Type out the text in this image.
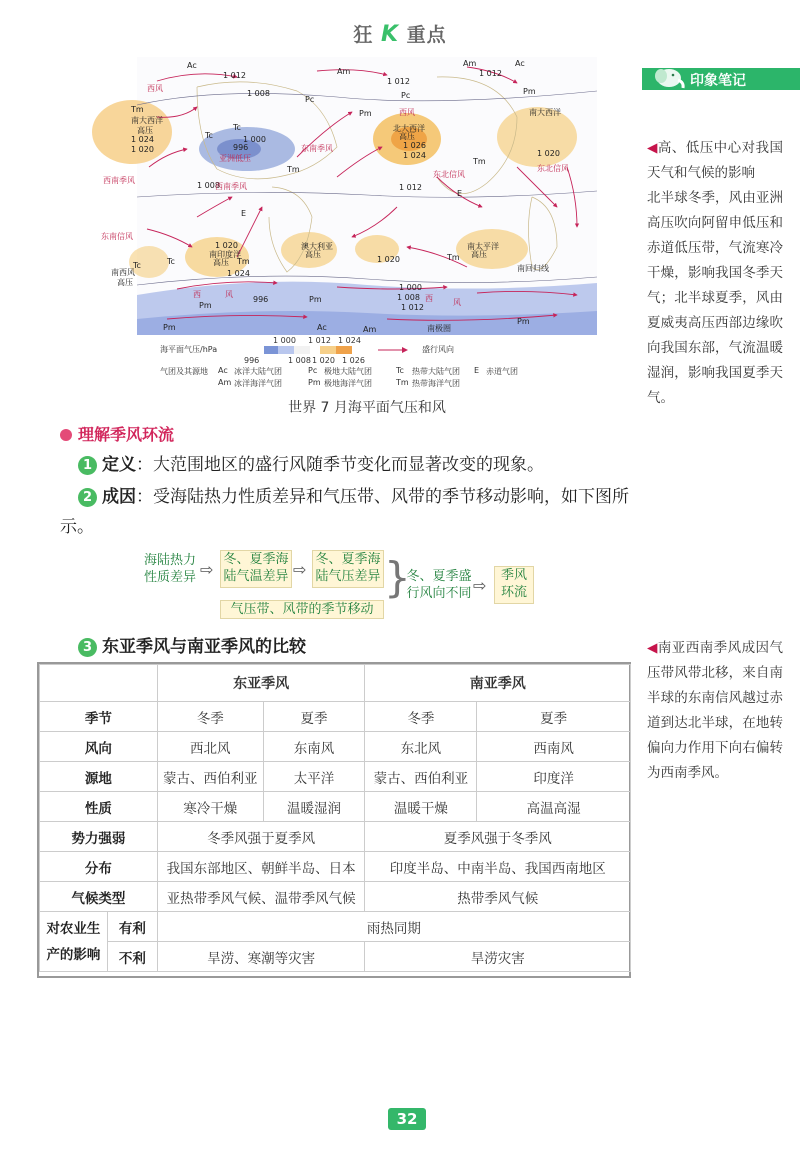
狂 K 重点
印象笔记
Ac
1 012	Am
1 012
Am
1 012
Ac
西风
1 008
Pc	Pc	Pm
Tm
南大西洋
高压
1 024
1 020
Tc
Tc
1 000
996
亚洲低压
Pm	西风
北大西洋
高压
1 026
1 024
东南季风
Tm
南大西洋
1 020
东北信风
Tm
西南季风
1 008
西南季风	1 012
E
E
东北信风
东南信风
1 020
南印度洋
高压 Tm
Tc
澳大利亚
高压
南太平洋
高压
Tm
1 020
1 024
Tc
南西风
高压
南回归线
西	风	西	风
Pm
Pm
Pm
Pm
996
1 000
1 008
1 012
Ac	Am	南极圈
海平面气压/hPa
1 000 1 012 1 024
996	1 008 1 020 1 026
盛行风向
气团及其源地 Ac 冰洋大陆气团	Pc 极地大陆气团	Tc 热带大陆气团 E 赤道气团
Am 冰洋海洋气团	Pm 极地海洋气团	Tm 热带海洋气团
世界 7 月海平面气压和风
理解季风环流
1 定义：大范围地区的盛行风随季节变化而显著改变的现象。
2 成因：受海陆热力性质差异和气压带、风带的季节移动影响，如下图所示。
海陆热力性质差异 ⇨
冬、夏季海陆气温差异 ⇨
冬、夏季海陆气压差异 }
冬、夏季盛行风向不同 ⇨
季风环流
气压带、风带的季节移动
3 东亚季风与南亚季风的比较
◀高、低压中心对我国天气和气候的影响
北半球冬季，风由亚洲高压吹向阿留申低压和赤道低压带，气流寒冷干燥，影响我国冬季天气；北半球夏季，风由夏威夷高压西部边缘吹向我国东部，气流温暖湿润，影响我国夏季天气。
◀南亚西南季风成因气压带风带北移，来自南半球的东南信风越过赤道到达北半球，在地转偏向力作用下向右偏转为西南季风。
		东亚季风		南亚季风	
季节		冬季	夏季	冬季	夏季
风向		西北风	东南风	东北风	西南风
源地		蒙古、西伯利亚	太平洋	蒙古、西伯利亚	印度洋
性质		寒冷干燥	温暖湿润	温暖干燥	高温高湿
势力强弱		冬季风强于夏季风		夏季风强于冬季风	
分布		我国东部地区、朝鲜半岛、日本		印度半岛、中南半岛、我国西南地区	
气候类型		亚热带季风气候、温带季风气候		热带季风气候	
对农业生
产的影响	有利	雨热同期			
	不利	旱涝、寒潮等灾害		旱涝灾害	
32
